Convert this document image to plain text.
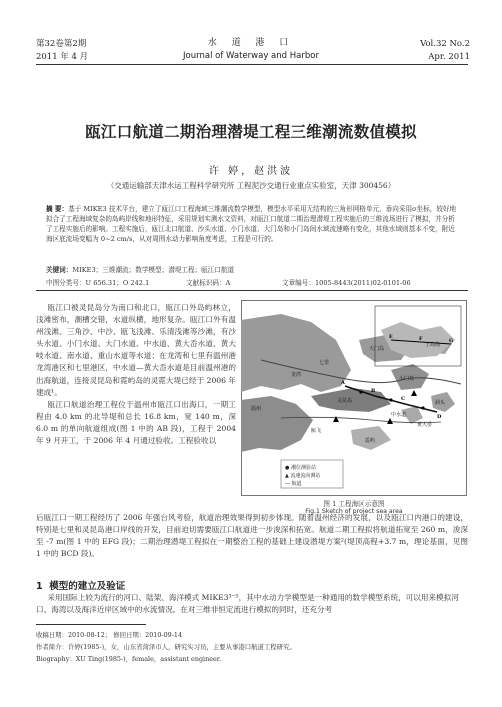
第32卷第2期
2011 年 4 月
水 道 港 口
Journal of Waterway and Harbor
Vol.32 No.2
Apr. 2011
瓯江口航道二期治理潜堤工程三维潮流数值模拟
许 婷，赵洪波
（交通运输部天津水运工程科学研究所 工程泥沙交通行业重点实验室，天津 300456）
摘 要：基于 MIKE3 技术平台，建立了瓯江口工程海域三维潮流数学模型，模型水平采用无结构的三角形网格单元，垂向采用σ坐标，较好地拟合了工程海域复杂的岛屿岸线和地形特征，采用规划实测水文资料，对瓯江口航道二期治理潜堤工程实施后的三维流场进行了模拟，并分析了工程实施后的影响。工程实施后，瓯江北口航道、沙头水道、小门水道、大门岛和小门岛间水域流速略有变化，其他水域则基本不变，附近海区底流场变幅为 0~2 cm/s，从对周围水动力影响角度考虑，工程是可行的。
关键词：MIKE3；三维潮流；数学模型；潜堤工程；瓯江口航道
中图分类号：U 656.31；O 242.1	文献标识码：A	文章编号：1005-8443(2011)02-0101-06
瓯江口被灵昆岛分为南口和北口，瓯江口外岛屿林立，浅滩密布，潮槽交错，水道纵横，地形复杂。瓯江口外有温州浅滩、三角沙、中沙、瓯飞浅滩、乐清浅滩等沙滩，有沙头水道、小门水道、大门水道、中水道、黄大岙水道、黄大岐水道、南水道、重山水道等水道；在龙湾和七里有温州港龙湾港区和七里港区，中水道—黄大岙水道是目前温州港的出海航道，连接灵昆岛和霓屿岛的灵霓大堤已经于 2006 年建成¹。
瓯江口航道治理工程位于温州市瓯江口出海口，一期工程由 4.0 km 的北导堤和总长 16.8 km，宽 140 m，深 6.0 m 的单向航道组成(图 1 中的 AB 段)，工程于 2004 年 9 月开工，于 2006 年 4 月通过验收。工程验收以
● 潮位测验站
▲ 流速流向测站
— 航道
温州
龙湾
七里
灵昆岛
霓屿
大门岛
小门岛
洞头
王岛岛
中水道
黄大岙
瓯飞
A
B
C
D
E	F	G
图 1 工程海区示意图
Fig.1 Sketch of project sea area
后瓯江口一期工程经历了 2006 年强台风考验，航道治理效果得到初步体现。随着温州经济的发展，以及瓯江口内港口的建设，特别是七里和灵昆岛港口岸线的开发，目前迫切需要瓯江口航道进一步浚深和拓宽。航道二期工程拟将航道拓宽至 260 m，浚深至 -7 m(图 1 中的 EFG 段)；二期治理潜堤工程拟在一期整治工程的基础上建设潜堤方案²(堤顶高程+3.7 m，理论基面，见图 1 中的 BCD 段)。
1 模型的建立及验证
采用国际上较为流行的河口、陆架、海洋模式 MIKE3³⁻⁵，其中水动力学模型是一种通用的数学模型系统，可以用来模拟河口、海湾以及海洋近岸区域中的水流情况。在对三维非恒定流进行模拟的同时，还充分考
收稿日期：2010-08-12； 修回日期：2010-09-14
作者简介：许婷(1985-)，女，山东省菏泽市人，研究实习员，主要从事港口航道工程研究。
Biography：XU Ting(1985-)，female，assistant engineer.
